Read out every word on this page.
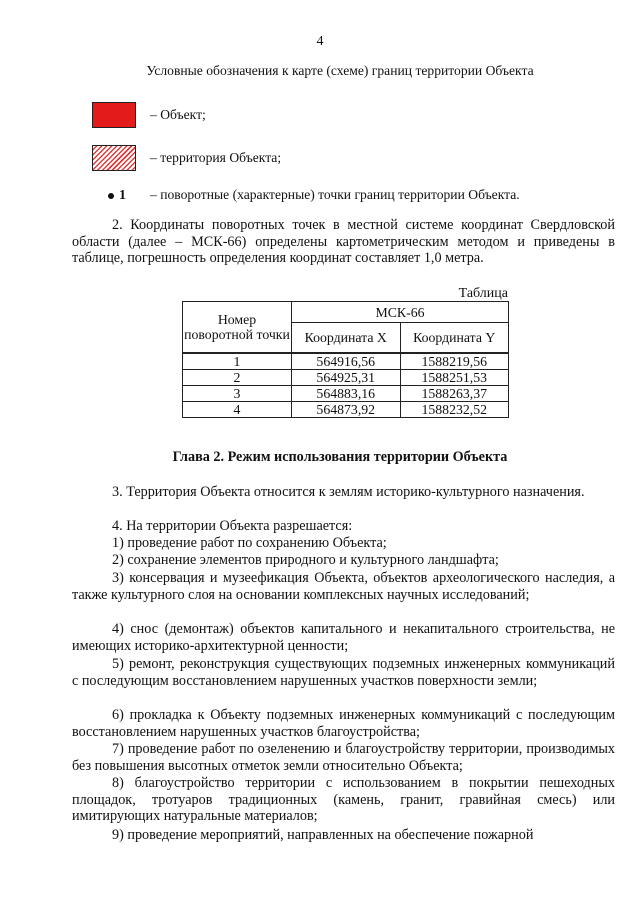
4
Условные обозначения к карте (схеме) границ территории Объекта
– Объект;
– территория Объекта;
1 – поворотные (характерные) точки границ территории Объекта.
2. Координаты поворотных точек в местной системе координат Свердловской области (далее – МСК-66) определены картометрическим методом и приведены в таблице, погрешность определения координат составляет 1,0 метра.
Таблица
Номер поворотной точки	МСК-66	
	Координата X	Координата Y
1	564916,56	1588219,56
2	564925,31	1588251,53
3	564883,16	1588263,37
4	564873,92	1588232,52
Глава 2. Режим использования территории Объекта
3. Территория Объекта относится к землям историко-культурного назначения.
4. На территории Объекта разрешается:
1) проведение работ по сохранению Объекта;
2) сохранение элементов природного и культурного ландшафта;
3) консервация и музеефикация Объекта, объектов археологического наследия, а также культурного слоя на основании комплексных научных исследований;
4) снос (демонтаж) объектов капитального и некапитального строительства, не имеющих историко-архитектурной ценности;
5) ремонт, реконструкция существующих подземных инженерных коммуникаций с последующим восстановлением нарушенных участков поверхности земли;
6) прокладка к Объекту подземных инженерных коммуникаций с последующим восстановлением нарушенных участков благоустройства;
7) проведение работ по озеленению и благоустройству территории, производимых без повышения высотных отметок земли относительно Объекта;
8) благоустройство территории с использованием в покрытии пешеходных площадок, тротуаров традиционных (камень, гранит, гравийная смесь) или имитирующих натуральные материалов;
9) проведение мероприятий, направленных на обеспечение пожарной
